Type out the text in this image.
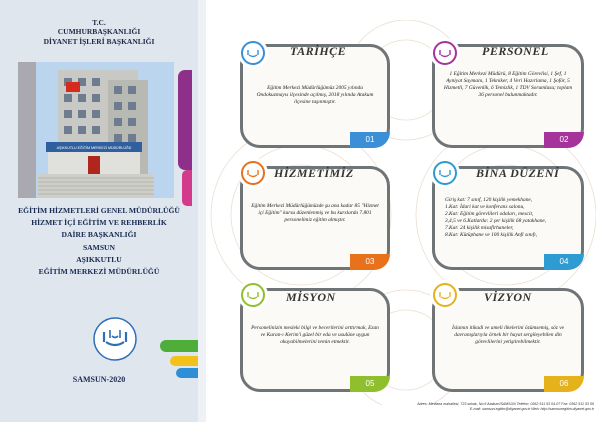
T.C.
CUMHURBAŞKANLIĞI
DİYANET İŞLERİ BAŞKANLIĞI
AŞIKKUTLU EĞİTİM MERKEZİ MÜDÜRLÜĞÜ
EĞİTİM HİZMETLERİ GENEL MÜDÜRLÜĞÜ
HİZMET İÇİ EĞİTİM VE REHBERLİK
DAİRE BAŞKANLIĞI
SAMSUN
AŞIKKUTLU
EĞİTİM MERKEZİ MÜDÜRLÜĞÜ
SAMSUN-2020
Eğitim Merkezi Müdürlüğümüz 2005 yılında Ondokuzmayıs ilçesinde açılmış, 2018 yılında Atakum ilçesine taşınmıştır.
01
TARİHÇE
1 Eğitim Merkezi Müdürü, 8 Eğitim Görevlisi, 1 Şef, 1 Ayniyat Saymanı, 1 Tekniker, 4 Veri Hazırlama, 1 Şoför, 5 Hizmetli, 7 Güvenlik, 6 Temizlik, 1 TDV Sorumlusu; toplam 36 personel bulunmaktadır.
02
PERSONEL
Eğitim Merkezi Müdürlüğümüzde şu ana kadar 85 "Hizmet içi Eğitim" kursu düzenlenmiş ve bu kurslarda 7.801 personelimiz eğitim almıştır.
03
HİZMETİMİZ
Giriş kat: 7 sınıf, 120 kişilik yemekhane,
1.Kat: İdari kat ve konferans salonu,
2.Kat: Eğitim görevlileri odaları, mescit,
3,4,5 ve 6.Katlarda: 2 şer kişilik 68 yatakhane,
7.Kat: 24 kişilik misafirhaneler,
8.Kat: Kütüphane ve 100 kişilik Anfi sınıfı,
04
BİNA DÜZENİ
Personelinizin mesleki bilgi ve becerilerini arttırmak, Ezan ve Kuran-ı Kerim'i güzel bir eda ve usulüne uygun okuyabilmelerini temin etmektir.
05
MİSYON
İslamın itikadi ve ameli ilkelerini özümsemiş, söz ve davranışlarıyla örnek bir hayat sergileyebilen din görevlilerini yetiştirebilmektir.
06
VİZYON
Adres: Mevlana mahallesi, 723.sokak, No:6 Atakum/SAMSUN Telefon: 0362 511 53 04-07 Fax: 0362 511 53 06
E-mail: samsun.egitim@diyanet.gov.tr Web: http://samsunegitim.diyanet.gov.tr
